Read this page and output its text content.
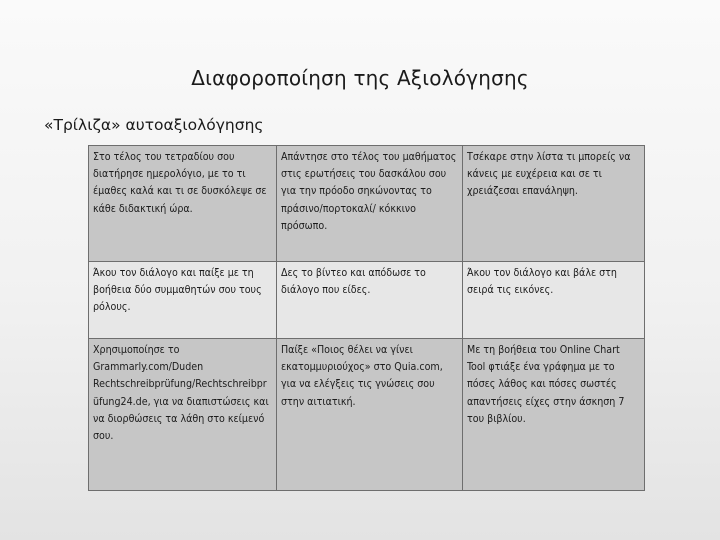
Διαφοροποίηση της Αξιολόγησης
«Τρίλιζα» αυτοαξιολόγησης
Στο τέλος του τετραδίου σου διατήρησε ημερολόγιο, με το τι έμαθες καλά και τι σε δυσκόλεψε σε κάθε διδακτική ώρα.	Απάντησε στο τέλος του μαθήματος στις ερωτήσεις του δασκάλου σου για την πρόοδο σηκώνοντας το πράσινο/πορτοκαλί/ κόκκινο πρόσωπο.	Τσέκαρε στην λίστα τι μπορείς να κάνεις με ευχέρεια και σε τι χρειάζεσαι επανάληψη.
Άκου τον διάλογο και παίξε με τη βοήθεια δύο συμμαθητών σου τους ρόλους.	Δες το βίντεο και απόδωσε το διάλογο που είδες.	Άκου τον διάλογο και βάλε στη σειρά τις εικόνες.
Χρησιμοποίησε το Grammarly.com/Duden Rechtschreibprüfung/Rechtschreibprüfung24.de, για να διαπιστώσεις και να διορθώσεις τα λάθη στο κείμενό σου.	Παίξε «Ποιος θέλει να γίνει εκατομμυριούχος» στο Quia.com, για να ελέγξεις τις γνώσεις σου στην αιτιατική.	Με τη βοήθεια του Online Chart Tool φτιάξε ένα γράφημα με το πόσες λάθος και πόσες σωστές απαντήσεις είχες στην άσκηση 7 του βιβλίου.
